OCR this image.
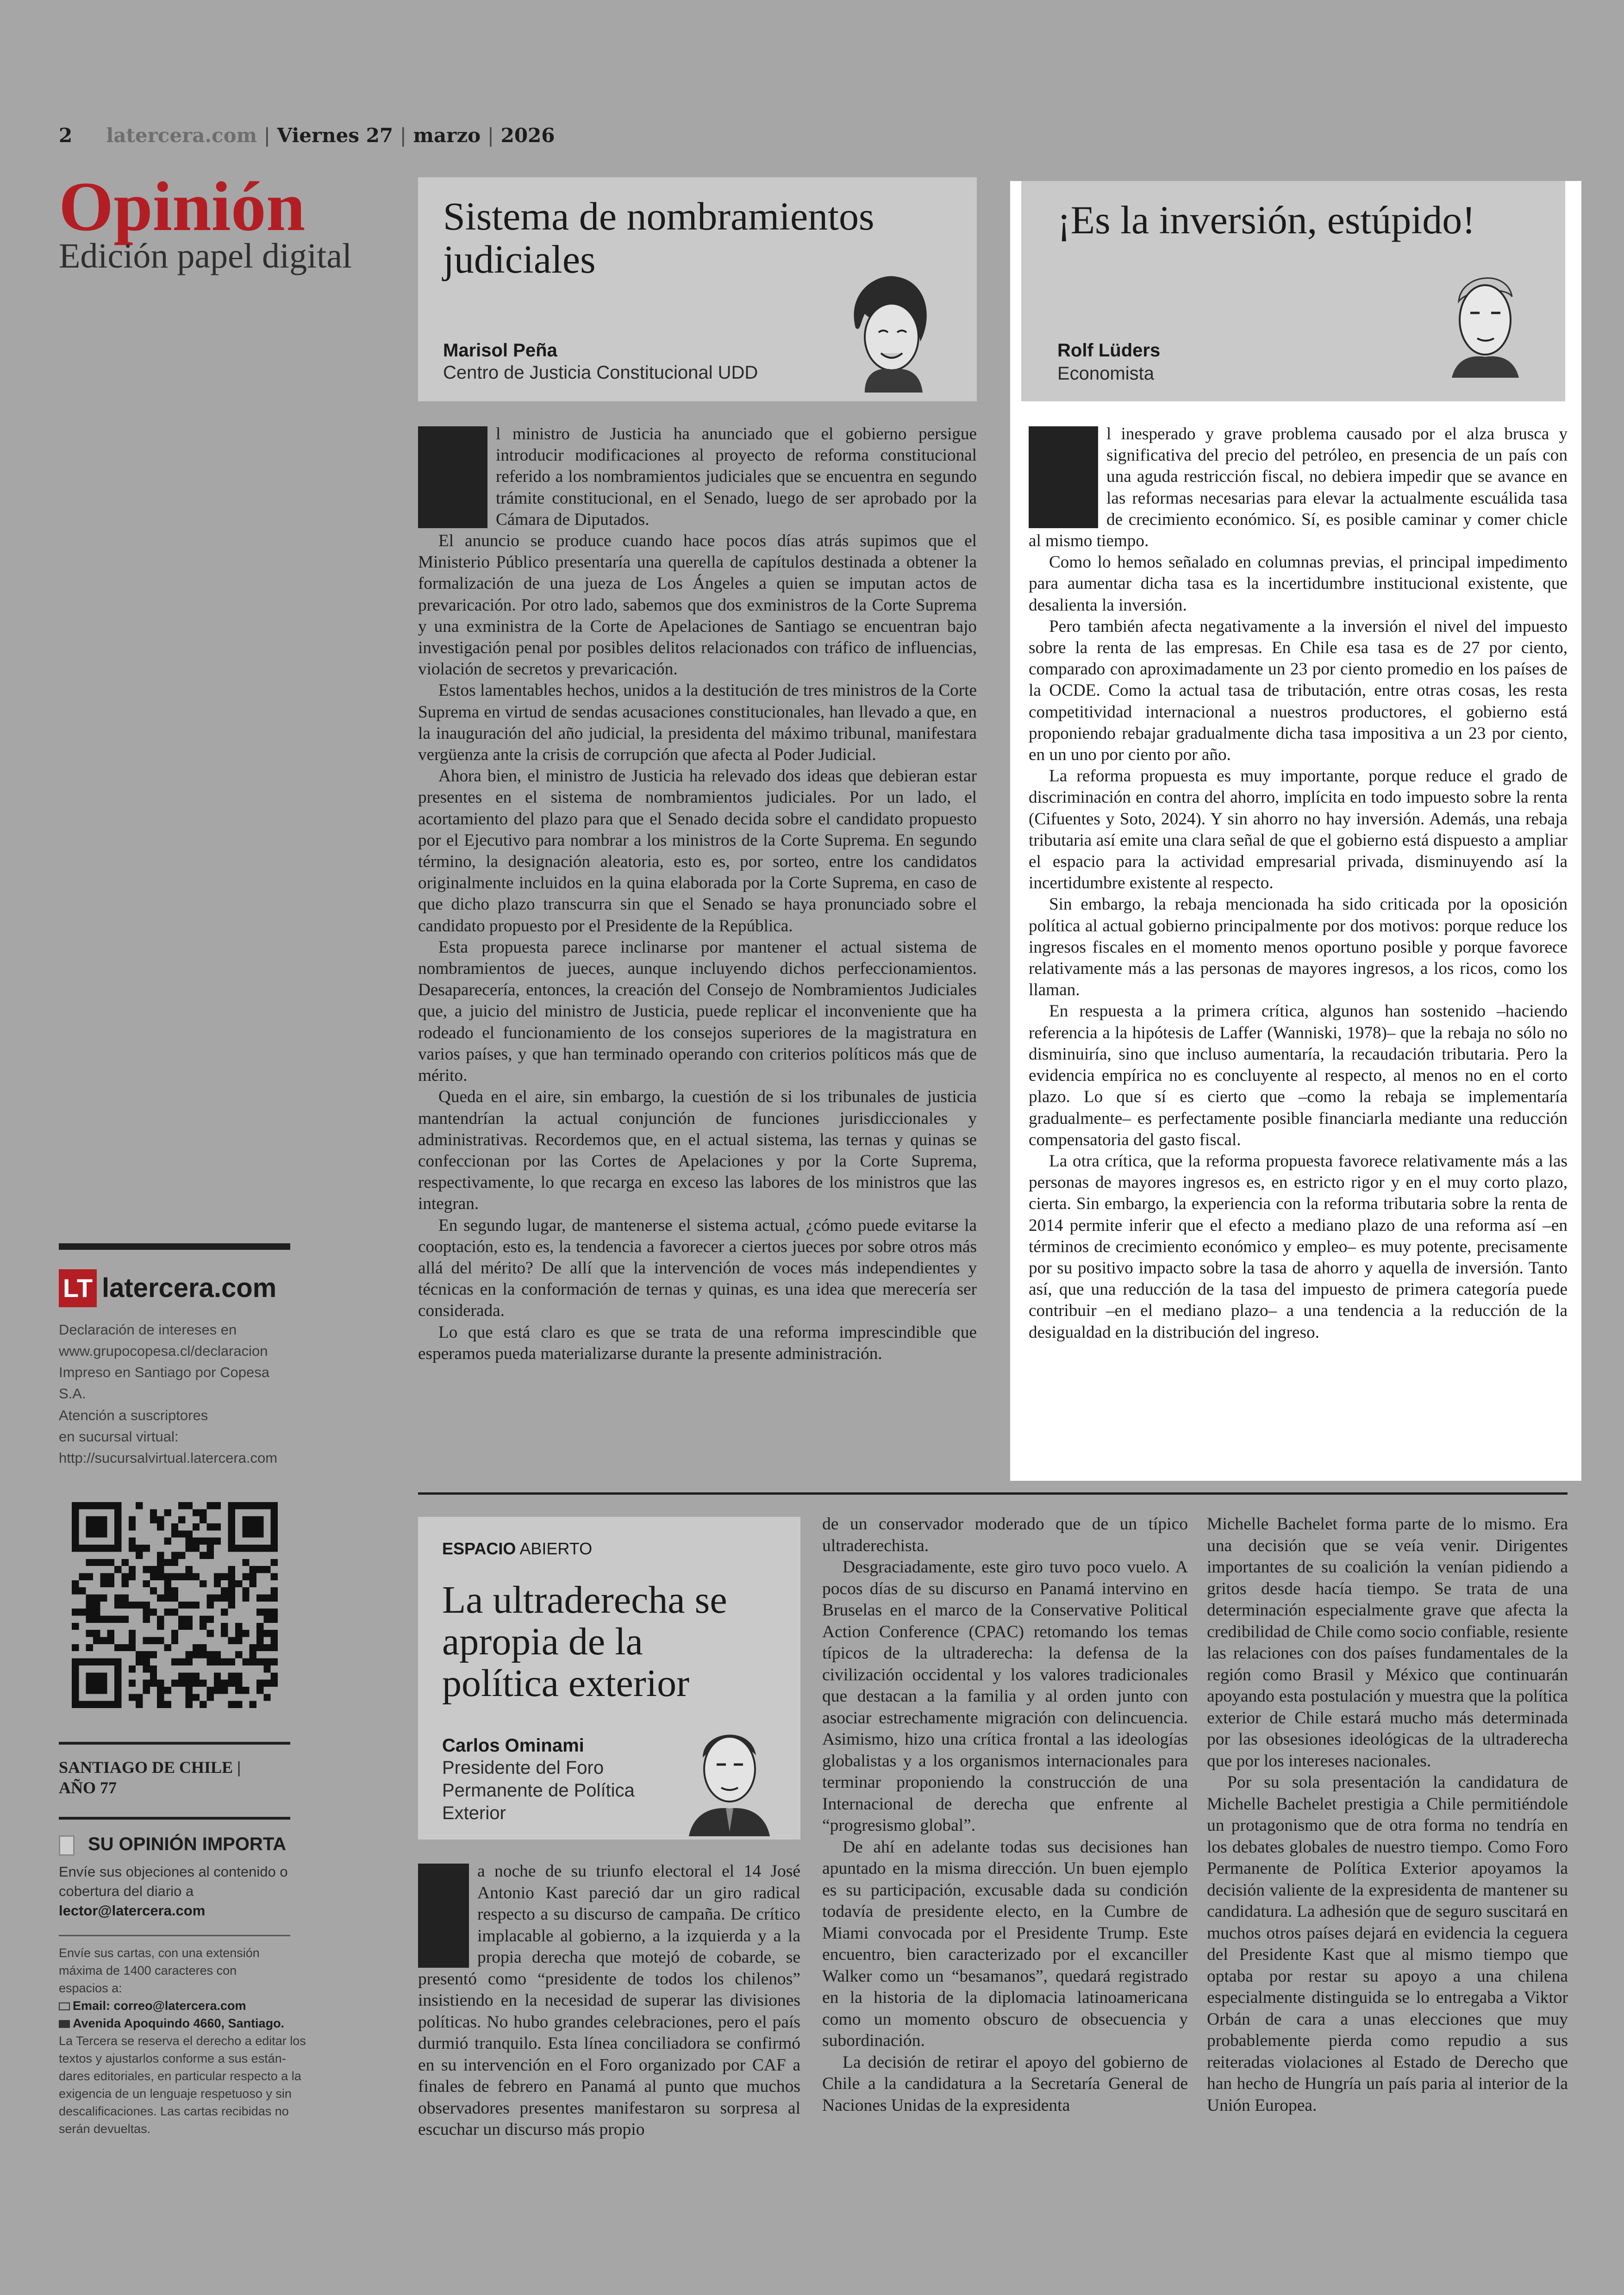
2 latercera.com | Viernes 27 | marzo | 2026
Opinión
Edición papel digital
Sistema de nombramientos judiciales
Marisol Peña
Centro de Justicia Constitucional UDD
¡Es la inversión, estúpido!
Rolf Lüders
Economista

l ministro de Justicia ha anunciado que el gobierno persigue introducir modificaciones al proyecto de reforma constitucional referido a los nombramientos judiciales que se encuentra en segundo trámite constitucional, en el Senado, luego de ser aprobado por la Cámara de Diputados.

El anuncio se produce cuando hace pocos días atrás supimos que el Ministerio Público presentaría una querella de capítulos destinada a obtener la formalización de una jueza de Los Ángeles a quien se imputan actos de prevaricación. Por otro lado, sabemos que dos exministros de la Corte Suprema y una exministra de la Corte de Apelaciones de Santiago se encuentran bajo investigación penal por posibles delitos relacionados con tráfico de influencias, violación de secretos y prevaricación.

Estos lamentables hechos, unidos a la destitución de tres ministros de la Corte Suprema en virtud de sendas acusaciones constitucionales, han llevado a que, en la inauguración del año judicial, la presidenta del máximo tribunal, manifestara vergüenza ante la crisis de corrupción que afecta al Poder Judicial.

Ahora bien, el ministro de Justicia ha relevado dos ideas que debieran estar presentes en el sistema de nombramientos judiciales. Por un lado, el acortamiento del plazo para que el Senado decida sobre el candidato propuesto por el Ejecutivo para nombrar a los ministros de la Corte Suprema. En segundo término, la designación aleatoria, esto es, por sorteo, entre los candidatos originalmente incluidos en la quina elaborada por la Corte Suprema, en caso de que dicho plazo transcurra sin que el Senado se haya pronunciado sobre el candidato propuesto por el Presidente de la República.

Esta propuesta parece inclinarse por mantener el actual sistema de nombramientos de jueces, aunque incluyendo dichos perfeccionamientos. Desaparecería, entonces, la creación del Consejo de Nombramientos Judiciales que, a juicio del ministro de Justicia, puede replicar el inconveniente que ha rodeado el funcionamiento de los consejos superiores de la magistratura en varios países, y que han terminado operando con criterios políticos más que de mérito.

Queda en el aire, sin embargo, la cuestión de si los tribunales de justicia mantendrían la actual conjunción de funciones jurisdiccionales y administrativas. Recordemos que, en el actual sistema, las ternas y quinas se confeccionan por las Cortes de Apelaciones y por la Corte Suprema, respectivamente, lo que recarga en exceso las labores de los ministros que las integran.

En segundo lugar, de mantenerse el sistema actual, ¿cómo puede evitarse la cooptación, esto es, la tendencia a favorecer a ciertos jueces por sobre otros más allá del mérito? De allí que la intervención de voces más independientes y técnicas en la conformación de ternas y quinas, es una idea que merecería ser considerada.

Lo que está claro es que se trata de una reforma imprescindible que esperamos pueda materializarse durante la presente administración.

l inesperado y grave problema causado por el alza brusca y significativa del precio del petróleo, en presencia de un país con una aguda restricción fiscal, no debiera impedir que se avance en las reformas necesarias para elevar la actualmente escuálida tasa de crecimiento económico. Sí, es posible caminar y comer chicle al mismo tiempo.

Como lo hemos señalado en columnas previas, el principal impedimento para aumentar dicha tasa es la incertidumbre institucional existente, que desalienta la inversión.

Pero también afecta negativamente a la inversión el nivel del impuesto sobre la renta de las empresas. En Chile esa tasa es de 27 por ciento, comparado con aproximadamente un 23 por ciento promedio en los países de la OCDE. Como la actual tasa de tributación, entre otras cosas, les resta competitividad internacional a nuestros productores, el gobierno está proponiendo rebajar gradualmente dicha tasa impositiva a un 23 por ciento, en un uno por ciento por año.

La reforma propuesta es muy importante, porque reduce el grado de discriminación en contra del ahorro, implícita en todo impuesto sobre la renta (Cifuentes y Soto, 2024). Y sin ahorro no hay inversión. Además, una rebaja tributaria así emite una clara señal de que el gobierno está dispuesto a ampliar el espacio para la actividad empresarial privada, disminuyendo así la incertidumbre existente al respecto.

Sin embargo, la rebaja mencionada ha sido criticada por la oposición política al actual gobierno principalmente por dos motivos: porque reduce los ingresos fiscales en el momento menos oportuno posible y porque favorece relativamente más a las personas de mayores ingresos, a los ricos, como los llaman.

En respuesta a la primera crítica, algunos han sostenido –haciendo referencia a la hipótesis de Laffer (Wanniski, 1978)– que la rebaja no sólo no disminuiría, sino que incluso aumentaría, la recaudación tributaria. Pero la evidencia empírica no es concluyente al respecto, al menos no en el corto plazo. Lo que sí es cierto que –como la rebaja se implementaría gradualmente– es perfectamente posible financiarla mediante una reducción compensatoria del gasto fiscal.

La otra crítica, que la reforma propuesta favorece relativamente más a las personas de mayores ingresos es, en estricto rigor y en el muy corto plazo, cierta. Sin embargo, la experiencia con la reforma tributaria sobre la renta de 2014 permite inferir que el efecto a mediano plazo de una reforma así –en términos de crecimiento económico y empleo– es muy potente, precisamente por su positivo impacto sobre la tasa de ahorro y aquella de inversión. Tanto así, que una reducción de la tasa del impuesto de primera categoría puede contribuir –en el mediano plazo– a una tendencia a la reducción de la desigualdad en la distribución del ingreso.

ESPACIO ABIERTO
La ultraderecha se apropia de la política exterior
Carlos Ominami
Presidente del Foro Permanente de Política Exterior

a noche de su triunfo electoral el 14 José Antonio Kast pareció dar un giro radical respecto a su discurso de campaña. De crítico implacable al gobierno, a la izquierda y a la propia derecha que motejó de cobarde, se presentó como “presidente de todos los chilenos” insistiendo en la necesidad de superar las divisiones políticas. No hubo grandes celebraciones, pero el país durmió tranquilo. Esta línea conciliadora se confirmó en su intervención en el Foro organizado por CAF a finales de febrero en Panamá al punto que muchos observadores presentes manifestaron su sorpresa al escuchar un discurso más propio

de un conservador moderado que de un típico ultraderechista.

Desgraciadamente, este giro tuvo poco vuelo. A pocos días de su discurso en Panamá intervino en Bruselas en el marco de la Conservative Political Action Conference (CPAC) retomando los temas típicos de la ultraderecha: la defensa de la civilización occidental y los valores tradicionales que destacan a la familia y al orden junto con asociar estrechamente migración con delincuencia. Asimismo, hizo una crítica frontal a las ideologías globalistas y a los organismos internacionales para terminar proponiendo la construcción de una Internacional de derecha que enfrente al “progresismo global”.

De ahí en adelante todas sus decisiones han apuntado en la misma dirección. Un buen ejemplo es su participación, excusable dada su condición todavía de presidente electo, en la Cumbre de Miami convocada por el Presidente Trump. Este encuentro, bien caracterizado por el excanciller Walker como un “besamanos”, quedará registrado en la historia de la diplomacia latinoamericana como un momento obscuro de obsecuencia y subordinación.

La decisión de retirar el apoyo del gobierno de Chile a la candidatura a la Secretaría General de Naciones Unidas de la expresidenta

Michelle Bachelet forma parte de lo mismo. Era una decisión que se veía venir. Dirigentes importantes de su coalición la venían pidiendo a gritos desde hacía tiempo. Se trata de una determinación especialmente grave que afecta la credibilidad de Chile como socio confiable, resiente las relaciones con dos países fundamentales de la región como Brasil y México que continuarán apoyando esta postulación y muestra que la política exterior de Chile estará mucho más determinada por las obsesiones ideológicas de la ultraderecha que por los intereses nacionales.

Por su sola presentación la candidatura de Michelle Bachelet prestigia a Chile permitiéndole un protagonismo que de otra forma no tendría en los debates globales de nuestro tiempo. Como Foro Permanente de Política Exterior apoyamos la decisión valiente de la expresidenta de mantener su candidatura. La adhesión que de seguro suscitará en muchos otros países dejará en evidencia la ceguera del Presidente Kast que al mismo tiempo que optaba por restar su apoyo a una chilena especialmente distinguida se lo entregaba a Viktor Orbán de cara a unas elecciones que muy probablemente pierda como repudio a sus reiteradas violaciones al Estado de Derecho que han hecho de Hungría un país paria al interior de la Unión Europea.

LT latercera.com
Declaración de intereses en
www.grupocopesa.cl/declaracion
Impreso en Santiago por Copesa S.A.
Atención a suscriptores
en sucursal virtual:
http://sucursalvirtual.latercera.com
SANTIAGO DE CHILE |
AÑO 77
SU OPINIÓN IMPORTA
Envíe sus objeciones al contenido o
cobertura del diario a
lector@latercera.com
Envíe sus cartas, con una extensión
máxima de 1400 caracteres con
espacios a:
Email: correo@latercera.com
Avenida Apoquindo 4660, Santiago.
La Tercera se reserva el derecho a editar los
textos y ajustarlos conforme a sus están-
dares editoriales, en particular respecto a la
exigencia de un lenguaje respetuoso y sin
descalificaciones. Las cartas recibidas no
serán devueltas.
